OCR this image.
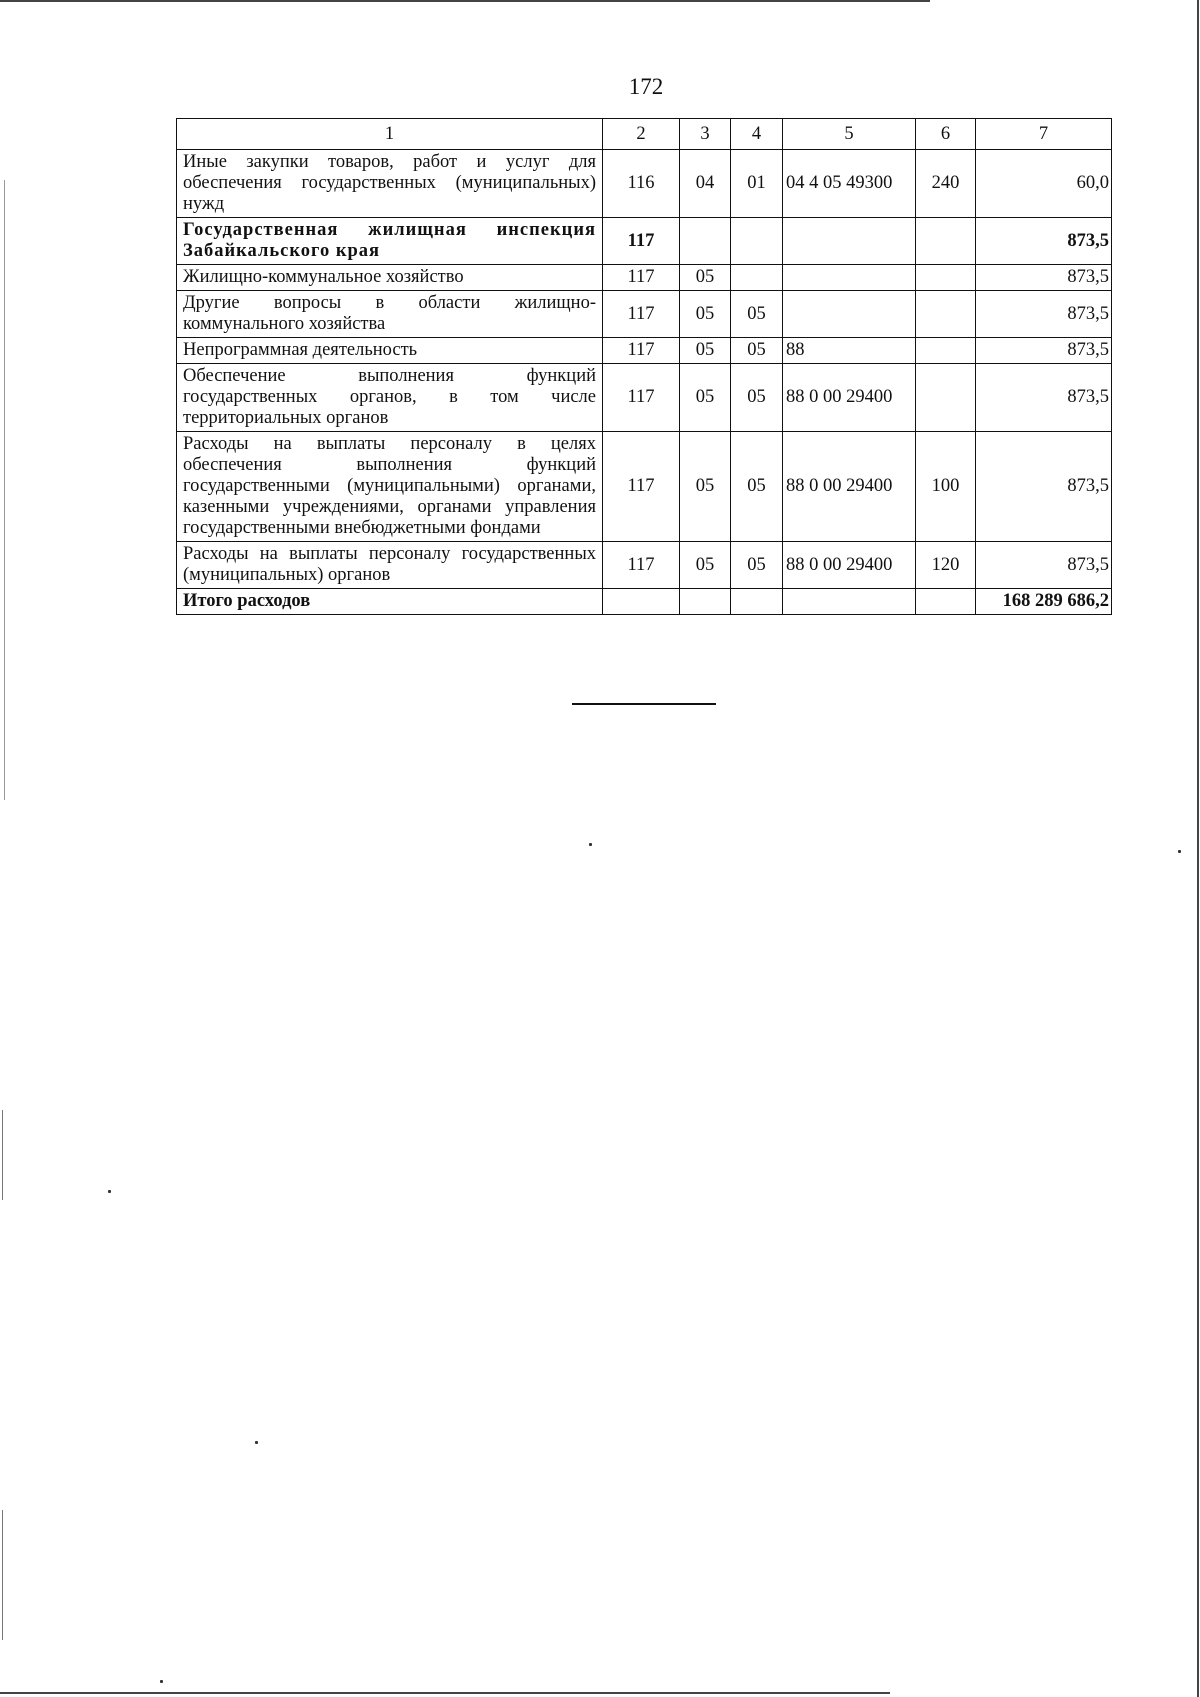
172
1	2	3	4	5	6	7
Иные закупки товаров, работ и услуг для обеспечения государственных (муниципальных) нужд	116	04	01	04 4 05 49300	240	60,0
Государственная жилищная инспекция Забайкальского края	117					873,5
Жилищно-коммунальное хозяйство	117	05				873,5
Другие вопросы в области жилищно-коммунального хозяйства	117	05	05			873,5
Непрограммная деятельность	117	05	05	88		873,5
Обеспечение выполнения функций государственных органов, в том числе территориальных органов	117	05	05	88 0 00 29400		873,5
Расходы на выплаты персоналу в целях обеспечения выполнения функций государственными (муниципальными) органами, казенными учреждениями, органами управления государственными внебюджетными фондами	117	05	05	88 0 00 29400	100	873,5
Расходы на выплаты персоналу государственных (муниципальных) органов	117	05	05	88 0 00 29400	120	873,5
Итого расходов						168 289 686,2
